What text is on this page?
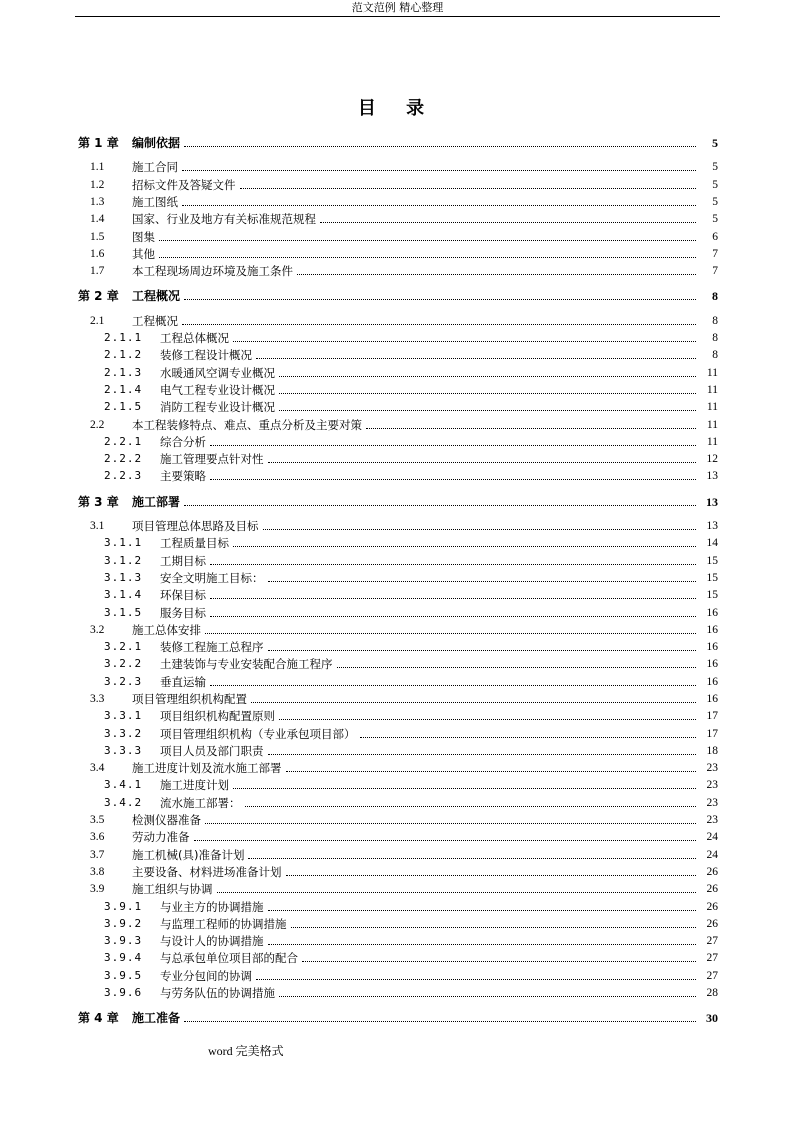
范文范例 精心整理
目 录
第 1 章	编制依据	5
1.1	施工合同	5
1.2	招标文件及答疑文件	5
1.3	施工图纸	5
1.4	国家、行业及地方有关标准规范规程	5
1.5	图集	6
1.6	其他	7
1.7	本工程现场周边环境及施工条件	7
第 2 章	工程概况	8
2.1	工程概况	8
2.1.1	工程总体概况	8
2.1.2	装修工程设计概况	8
2.1.3	水暖通风空调专业概况	11
2.1.4	电气工程专业设计概况	11
2.1.5	消防工程专业设计概况	11
2.2	本工程装修特点、难点、重点分析及主要对策	11
2.2.1	综合分析	11
2.2.2	施工管理要点针对性	12
2.2.3	主要策略	13
第 3 章	施工部署	13
3.1	项目管理总体思路及目标	13
3.1.1	工程质量目标	14
3.1.2	工期目标	15
3.1.3	安全文明施工目标：	15
3.1.4	环保目标	15
3.1.5	服务目标	16
3.2	施工总体安排	16
3.2.1	装修工程施工总程序	16
3.2.2	土建装饰与专业安装配合施工程序	16
3.2.3	垂直运输	16
3.3	项目管理组织机构配置	16
3.3.1	项目组织机构配置原则	17
3.3.2	项目管理组织机构（专业承包项目部）	17
3.3.3	项目人员及部门职责	18
3.4	施工进度计划及流水施工部署	23
3.4.1	施工进度计划	23
3.4.2	流水施工部署：	23
3.5	检测仪器准备	23
3.6	劳动力准备	24
3.7	施工机械(具)准备计划	24
3.8	主要设备、材料进场准备计划	26
3.9	施工组织与协调	26
3.9.1	与业主方的协调措施	26
3.9.2	与监理工程师的协调措施	26
3.9.3	与设计人的协调措施	27
3.9.4	与总承包单位项目部的配合	27
3.9.5	专业分包间的协调	27
3.9.6	与劳务队伍的协调措施	28
第 4 章	施工准备	30
word 完美格式
